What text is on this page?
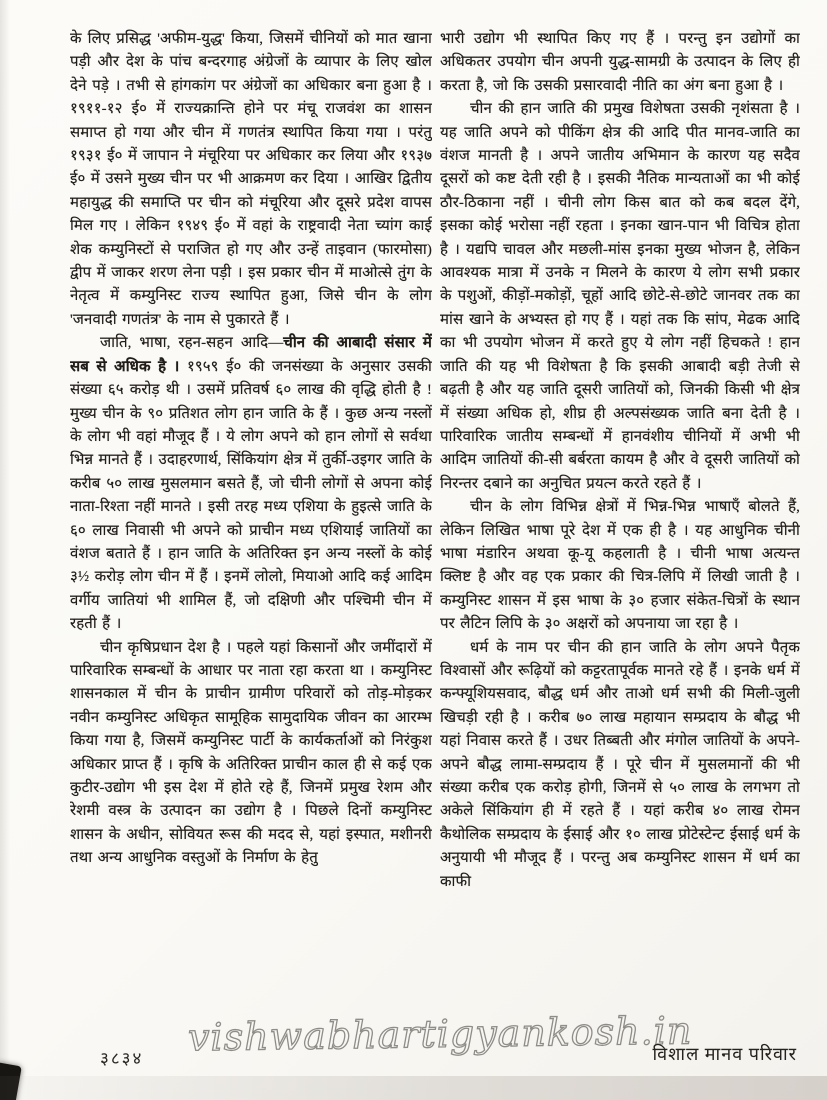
के लिए प्रसिद्ध 'अफीम-युद्ध' किया, जिसमें चीनियों को मात खाना पड़ी और देश के पांच बन्दरगाह अंग्रेजों के व्यापार के लिए खोल देने पड़े । तभी से हांगकांग पर अंग्रेजों का अधिकार बना हुआ है । १९११-१२ ई० में राज्यक्रान्ति होने पर मंचू राजवंश का शासन समाप्त हो गया और चीन में गणतंत्र स्थापित किया गया । परंतु १९३१ ई० में जापान ने मंचूरिया पर अधिकार कर लिया और १९३७ ई० में उसने मुख्य चीन पर भी आक्रमण कर दिया । आखिर द्वितीय महायुद्ध की समाप्ति पर चीन को मंचूरिया और दूसरे प्रदेश वापस मिल गए । लेकिन १९४९ ई० में वहां के राष्ट्रवादी नेता च्यांग काई शेक कम्युनिस्टों से पराजित हो गए और उन्हें ताइवान (फारमोसा) द्वीप में जाकर शरण लेना पड़ी । इस प्रकार चीन में माओत्से तुंग के नेतृत्व में कम्युनिस्ट राज्य स्थापित हुआ, जिसे चीन के लोग 'जनवादी गणतंत्र' के नाम से पुकारते हैं ।

जाति, भाषा, रहन-सहन आदि—चीन की आबादी संसार में सब से अधिक है । १९५९ ई० की जनसंख्या के अनुसार उसकी संख्या ६५ करोड़ थी । उसमें प्रतिवर्ष ६० लाख की वृद्धि होती है ! मुख्य चीन के ९० प्रतिशत लोग हान जाति के हैं । कुछ अन्य नस्लों के लोग भी वहां मौजूद हैं । ये लोग अपने को हान लोगों से सर्वथा भिन्न मानते हैं । उदाहरणार्थ, सिंकियांग क्षेत्र में तुर्की-उइगर जाति के करीब ५० लाख मुसलमान बसते हैं, जो चीनी लोगों से अपना कोई नाता-रिश्ता नहीं मानते । इसी तरह मध्य एशिया के हुइत्से जाति के ६० लाख निवासी भी अपने को प्राचीन मध्य एशियाई जातियों का वंशज बताते हैं । हान जाति के अतिरिक्त इन अन्य नस्लों के कोई ३½ करोड़ लोग चीन में हैं । इनमें लोलो, मियाओ आदि कई आदिम वर्गीय जातियां भी शामिल हैं, जो दक्षिणी और पश्चिमी चीन में रहती हैं ।

चीन कृषिप्रधान देश है । पहले यहां किसानों और जमींदारों में पारिवारिक सम्बन्धों के आधार पर नाता रहा करता था । कम्युनिस्ट शासनकाल में चीन के प्राचीन ग्रामीण परिवारों को तोड़-मोड़कर नवीन कम्युनिस्ट अधिकृत सामूहिक सामुदायिक जीवन का आरम्भ किया गया है, जिसमें कम्युनिस्ट पार्टी के कार्यकर्ताओं को निरंकुश अधिकार प्राप्त हैं । कृषि के अतिरिक्त प्राचीन काल ही से कई एक कुटीर-उद्योग भी इस देश में होते रहे हैं, जिनमें प्रमुख रेशम और रेशमी वस्त्र के उत्पादन का उद्योग है । पिछले दिनों कम्युनिस्ट शासन के अधीन, सोवियत रूस की मदद से, यहां इस्पात, मशीनरी तथा अन्य आधुनिक वस्तुओं के निर्माण के हेतु

भारी उद्योग भी स्थापित किए गए हैं । परन्तु इन उद्योगों का अधिकतर उपयोग चीन अपनी युद्ध-सामग्री के उत्पादन के लिए ही करता है, जो कि उसकी प्रसारवादी नीति का अंग बना हुआ है ।

चीन की हान जाति की प्रमुख विशेषता उसकी नृशंसता है । यह जाति अपने को पीकिंग क्षेत्र की आदि पीत मानव-जाति का वंशज मानती है । अपने जातीय अभिमान के कारण यह सदैव दूसरों को कष्ट देती रही है । इसकी नैतिक मान्यताओं का भी कोई ठौर-ठिकाना नहीं । चीनी लोग किस बात को कब बदल देंगे, इसका कोई भरोसा नहीं रहता । इनका खान-पान भी विचित्र होता है । यद्यपि चावल और मछली-मांस इनका मुख्य भोजन है, लेकिन आवश्यक मात्रा में उनके न मिलने के कारण ये लोग सभी प्रकार के पशुओं, कीड़ों-मकोड़ों, चूहों आदि छोटे-से-छोटे जानवर तक का मांस खाने के अभ्यस्त हो गए हैं । यहां तक कि सांप, मेढक आदि का भी उपयोग भोजन में करते हुए ये लोग नहीं हिचकते ! हान जाति की यह भी विशेषता है कि इसकी आबादी बड़ी तेजी से बढ़ती है और यह जाति दूसरी जातियों को, जिनकी किसी भी क्षेत्र में संख्या अधिक हो, शीघ्र ही अल्पसंख्यक जाति बना देती है । पारिवारिक जातीय सम्बन्धों में हानवंशीय चीनियों में अभी भी आदिम जातियों की-सी बर्बरता कायम है और वे दूसरी जातियों को निरन्तर दबाने का अनुचित प्रयत्न करते रहते हैं ।

चीन के लोग विभिन्न क्षेत्रों में भिन्न-भिन्न भाषाएँ बोलते हैं, लेकिन लिखित भाषा पूरे देश में एक ही है । यह आधुनिक चीनी भाषा मंडारिन अथवा कू-यू कहलाती है । चीनी भाषा अत्यन्त क्लिष्ट है और वह एक प्रकार की चित्र-लिपि में लिखी जाती है । कम्युनिस्ट शासन में इस भाषा के ३० हजार संकेत-चित्रों के स्थान पर लैटिन लिपि के ३० अक्षरों को अपनाया जा रहा है ।

धर्म के नाम पर चीन की हान जाति के लोग अपने पैतृक विश्वासों और रूढ़ियों को कट्टरतापूर्वक मानते रहे हैं । इनके धर्म में कन्फ्यूशियसवाद, बौद्ध धर्म और ताओ धर्म सभी की मिली-जुली खिचड़ी रही है । करीब ७० लाख महायान सम्प्रदाय के बौद्ध भी यहां निवास करते हैं । उधर तिब्बती और मंगोल जातियों के अपने-अपने बौद्ध लामा-सम्प्रदाय हैं । पूरे चीन में मुसलमानों की भी संख्या करीब एक करोड़ होगी, जिनमें से ५० लाख के लगभग तो अकेले सिंकियांग ही में रहते हैं । यहां करीब ४० लाख रोमन कैथोलिक सम्प्रदाय के ईसाई और १० लाख प्रोटेस्टेन्ट ईसाई धर्म के अनुयायी भी मौजूद हैं । परन्तु अब कम्युनिस्ट शासन में धर्म का काफी

vishwabhartigyankosh.in
३८३४	विशाल मानव परिवार
